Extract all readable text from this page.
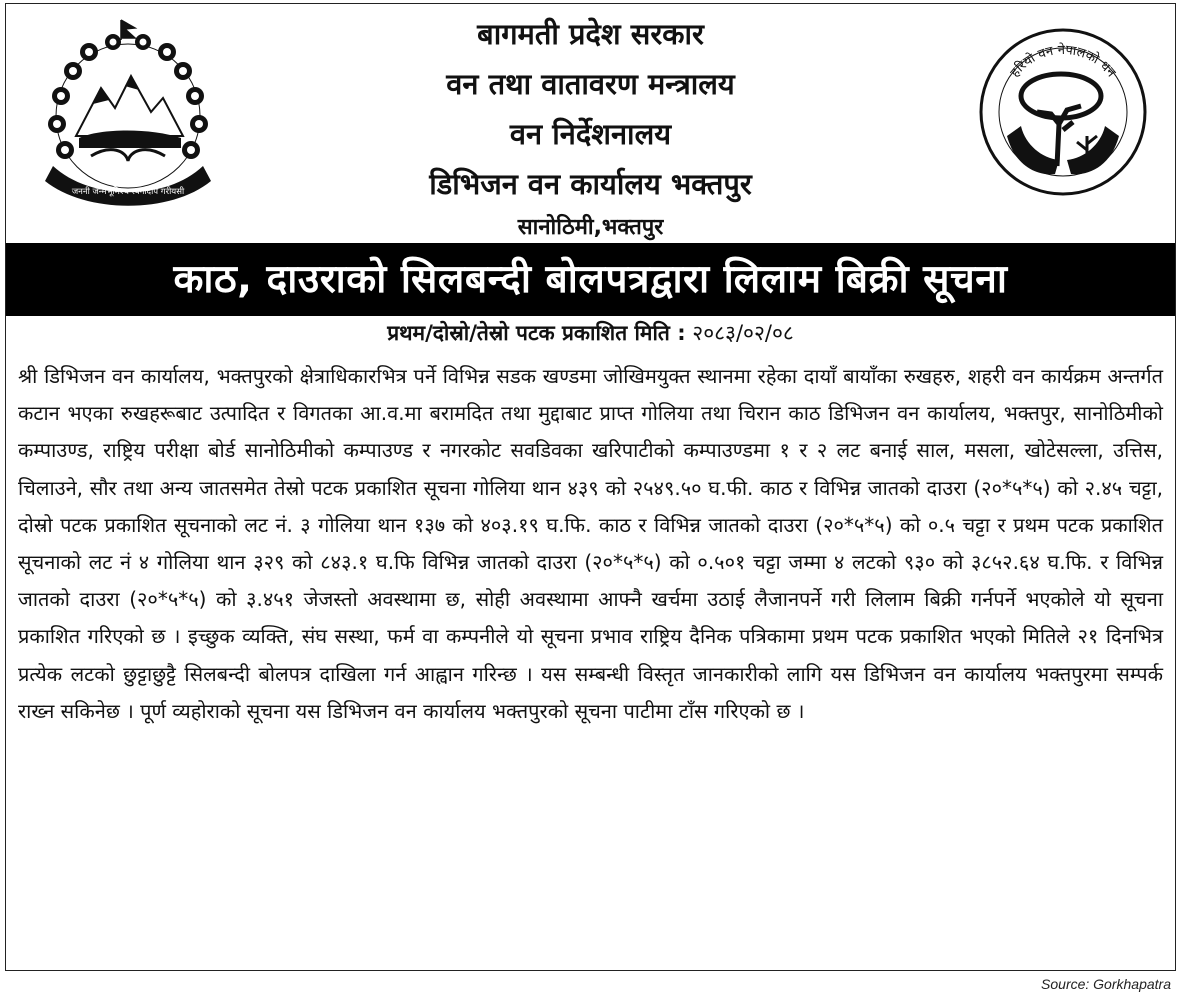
जननी जन्मभूमिश्च स्वर्गादपि गरीयसी
बागमती प्रदेश सरकार
वन तथा वातावरण मन्त्रालय
वन निर्देशनालय
डिभिजन वन कार्यालय भक्तपुर
सानोठिमी,भक्तपुर
हरियो वन नेपालको धन
काठ, दाउराको सिलबन्दी बोलपत्रद्वारा लिलाम बिक्री सूचना
प्रथम/दोस्रो/तेस्रो पटक प्रकाशित मिति : २०८३/०२/०८

श्री डिभिजन वन कार्यालय, भक्तपुरको क्षेत्राधिकारभित्र पर्ने विभिन्न सडक खण्डमा जोखिमयुक्त स्थानमा रहेका दायाँ बायाँका रुखहरु, शहरी वन कार्यक्रम अन्तर्गत कटान भएका रुखहरूबाट उत्पादित र विगतका आ.व.मा बरामदित तथा मुद्दाबाट प्राप्त गोलिया तथा चिरान काठ डिभिजन वन कार्यालय, भक्तपुर, सानोठिमीको कम्पाउण्ड, राष्ट्रिय परीक्षा बोर्ड सानोठिमीको कम्पाउण्ड र नगरकोट सवडिवका खरिपाटीको कम्पाउण्डमा १ र २ लट बनाई साल, मसला, खोटेसल्ला, उत्तिस, चिलाउने, सौर तथा अन्य जातसमेत तेस्रो पटक प्रकाशित सूचना गोलिया थान ४३९ को २५४९.५० घ.फी. काठ र विभिन्न जातको दाउरा (२०*५*५) को २.४५ चट्टा, दोस्रो पटक प्रकाशित सूचनाको लट नं. ३ गोलिया थान १३७ को ४०३.१९ घ.फि. काठ र विभिन्न जातको दाउरा (२०*५*५) को ०.५ चट्टा र प्रथम पटक प्रकाशित सूचनाको लट नं ४ गोलिया थान ३२९ को ८४३.१ घ.फि विभिन्न जातको दाउरा (२०*५*५) को ०.५०१ चट्टा जम्मा ४ लटको ९३० को ३८५२.६४ घ.फि. र विभिन्न जातको दाउरा (२०*५*५) को ३.४५१ जेजस्तो अवस्थामा छ, सोही अवस्थामा आफ्नै खर्चमा उठाई लैजानपर्ने गरी लिलाम बिक्री गर्नपर्ने भएकोले यो सूचना प्रकाशित गरिएको छ । इच्छुक व्यक्ति, संघ सस्था, फर्म वा कम्पनीले यो सूचना प्रभाव राष्ट्रिय दैनिक पत्रिकामा प्रथम पटक प्रकाशित भएको मितिले २१ दिनभित्र प्रत्येक लटको छुट्टाछुट्टै सिलबन्दी बोलपत्र दाखिला गर्न आह्वान गरिन्छ । यस सम्बन्धी विस्तृत जानकारीको लागि यस डिभिजन वन कार्यालय भक्तपुरमा सम्पर्क राख्न सकिनेछ । पूर्ण व्यहोराको सूचना यस डिभिजन वन कार्यालय भक्तपुरको सूचना पाटीमा टाँस गरिएको छ ।

Source: Gorkhapatra
